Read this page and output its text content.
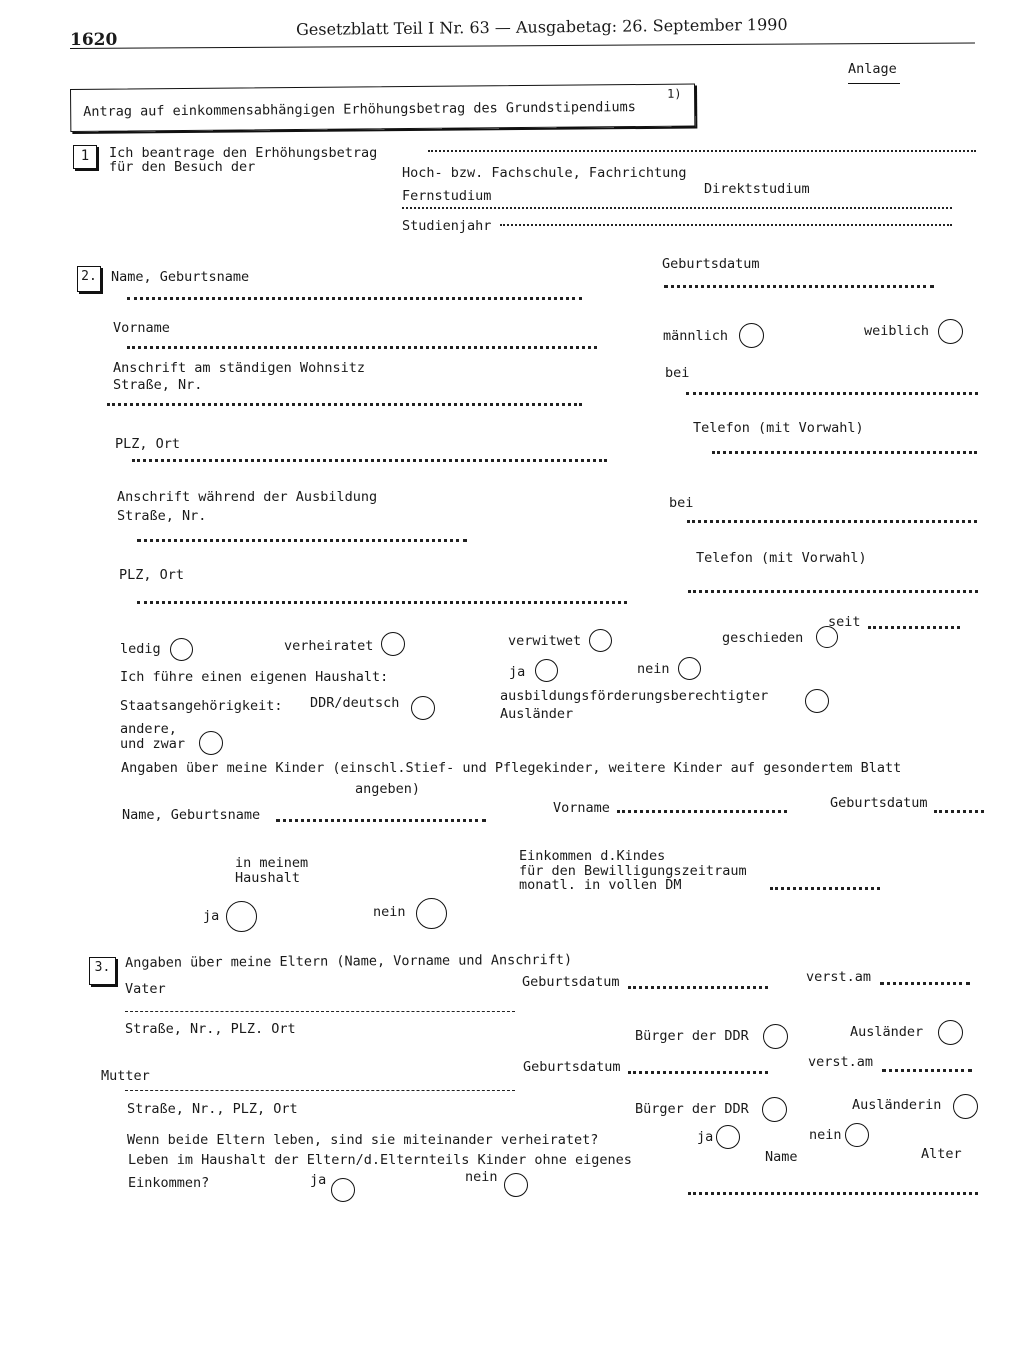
1620
Gesetzblatt Teil I Nr. 63 — Ausgabetag: 26. September 1990
Anlage
Antrag auf einkommensabhängigen Erhöhungsbetrag des Grundstipendiums
1)
1	Ich beantrage den Erhöhungsbetrag
für den Besuch der	Hoch- bzw. Fachschule, Fachrichtung
Fernstudium	Direktstudium
Studienjahr
2.	Name, Geburtsname
Geburtsdatum
Vorname	männlich	weiblich
Anschrift am ständigen Wohnsitz
Straße, Nr.
bei
PLZ, Ort
Telefon (mit Vorwahl)
Anschrift während der Ausbildung
Straße, Nr.
bei
Telefon (mit Vorwahl)
PLZ, Ort
ledig	verheiratet	verwitwet	geschieden
seit
Ich führe einen eigenen Haushalt:	ja	nein
Staatsangehörigkeit: DDR/deutsch	ausbildungsförderungsberechtigter
Ausländer
andere,
und zwar
Angaben über meine Kinder (einschl.Stief- und Pflegekinder, weitere Kinder auf gesondertem Blatt
angeben)
Vorname	Geburtsdatum
Name, Geburtsname
in meinem
Haushalt
Einkommen d.Kindes
für den Bewilligungszeitraum
monatl. in vollen DM
ja	nein
3.	Angaben über meine Eltern (Name, Vorname und Anschrift)
Vater	Geburtsdatum	verst.am
Straße, Nr., PLZ. Ort	Bürger der DDR	Ausländer
Mutter
Geburtsdatum	verst.am
Straße, Nr., PLZ, Ort	Bürger der DDR	Ausländerin
Wenn beide Eltern leben, sind sie miteinander verheiratet?	ja	nein
Name	Alter
Leben im Haushalt der Eltern/d.Elternteils Kinder ohne eigenes
Einkommen?	ja	nein
